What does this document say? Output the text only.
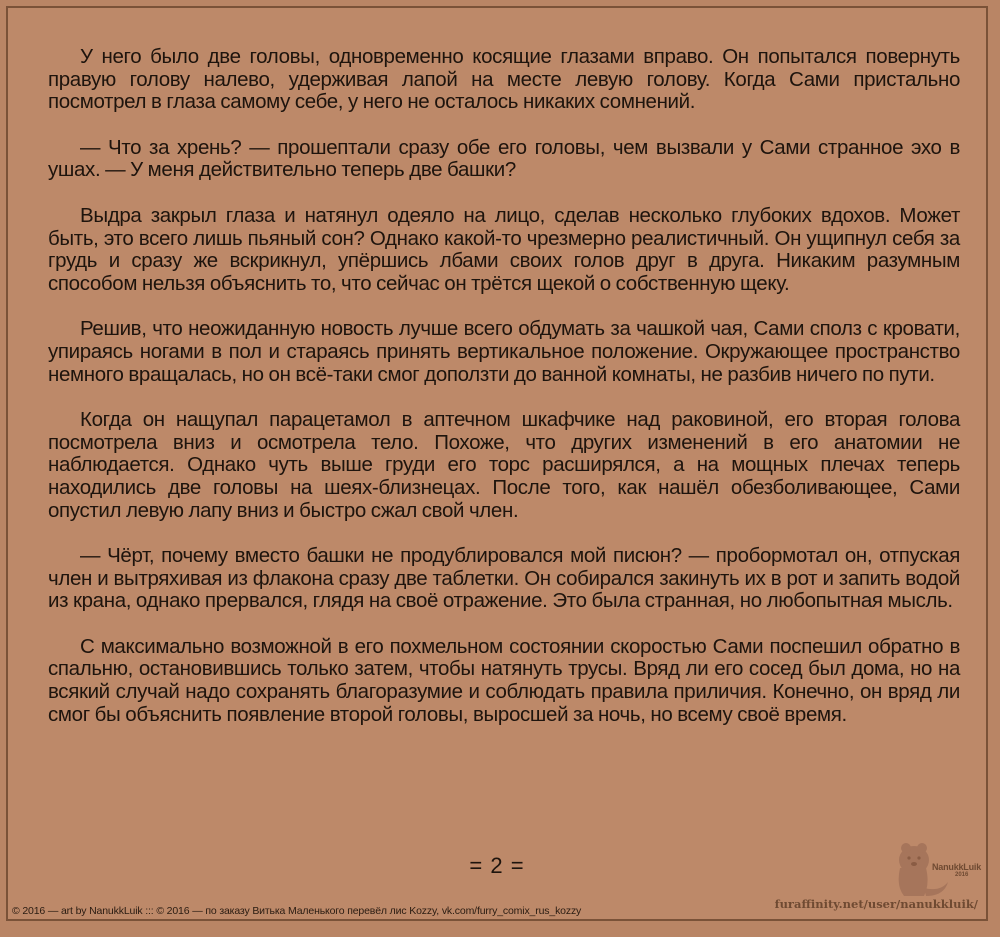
У него было две головы, одновременно косящие глазами вправо. Он попытался повернуть правую голову налево, удерживая лапой на месте левую голову. Когда Сами пристально посмотрел в глаза самому себе, у него не осталось никаких сомнений.

— Что за хрень? — прошептали сразу обе его головы, чем вызвали у Сами странное эхо в ушах. — У меня действительно теперь две башки?

Выдра закрыл глаза и натянул одеяло на лицо, сделав несколько глубоких вдохов. Может быть, это всего лишь пьяный сон? Однако какой-то чрезмерно реалистичный. Он ущипнул себя за грудь и сразу же вскрикнул, упёршись лбами своих голов друг в друга. Никаким разумным способом нельзя объяснить то, что сейчас он трётся щекой о собственную щеку.

Решив, что неожиданную новость лучше всего обдумать за чашкой чая, Сами сполз с кровати, упираясь ногами в пол и стараясь принять вертикальное положение. Окружающее пространство немного вращалась, но он всё-таки смог доползти до ванной комнаты, не разбив ничего по пути.

Когда он нащупал парацетамол в аптечном шкафчике над раковиной, его вторая голова посмотрела вниз и осмотрела тело. Похоже, что других изменений в его анатомии не наблюдается. Однако чуть выше груди его торс расширялся, а на мощных плечах теперь находились две головы на шеях-близнецах. После того, как нашёл обезболивающее, Сами опустил левую лапу вниз и быстро сжал свой член.

— Чёрт, почему вместо башки не продублировался мой писюн? — пробормотал он, отпуская член и вытряхивая из флакона сразу две таблетки. Он собирался закинуть их в рот и запить водой из крана, однако прервался, глядя на своё отражение. Это была странная, но любопытная мысль.

С максимально возможной в его похмельном состоянии скоростью Сами поспешил обратно в спальню, остановившись только затем, чтобы натянуть трусы. Вряд ли его сосед был дома, но на всякий случай надо сохранять благоразумие и соблюдать правила приличия. Конечно, он вряд ли смог бы объяснить появление второй головы, выросшей за ночь, но всему своё время.

= 2 =	NanukkLuik
2016
© 2016 — art by NanukkLuik ::: © 2016 — по заказу Витька Маленького перевёл лис Kozzy, vk.com/furry_comix_rus_kozzy	furaffinity.net/user/nanukkluik/
